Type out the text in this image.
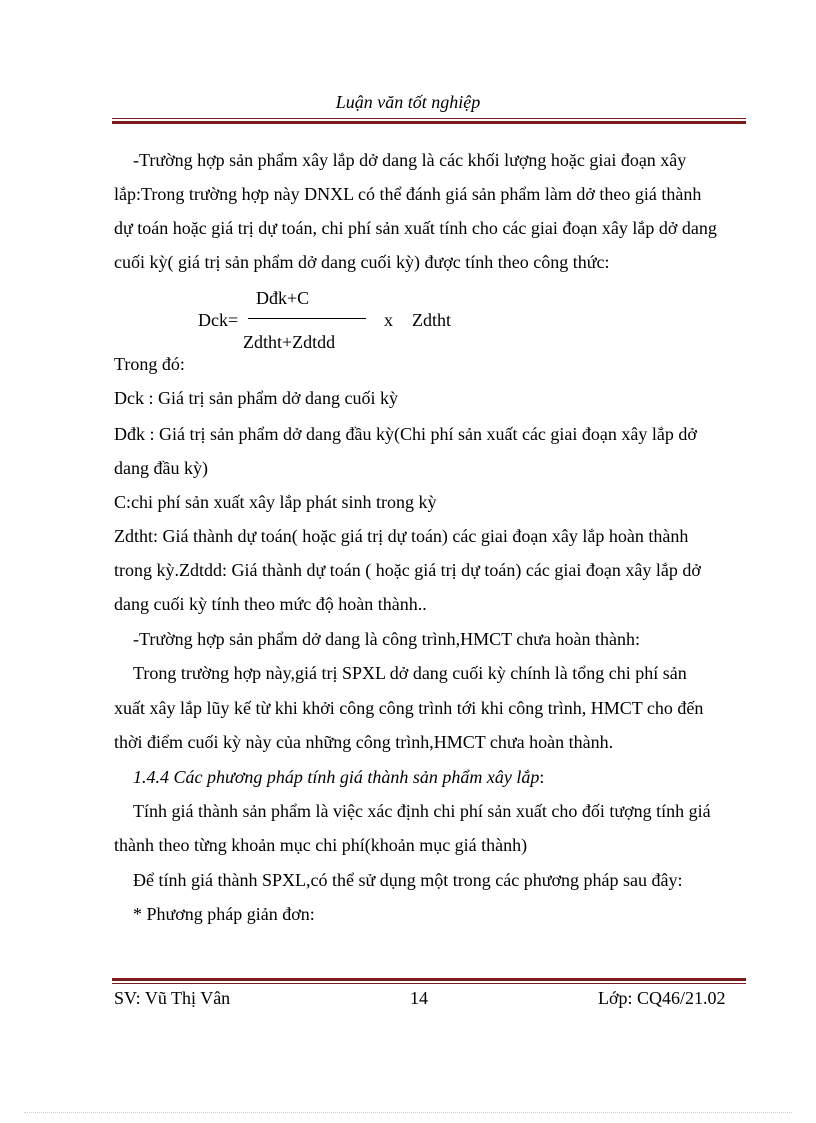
Luận văn tốt nghiệp
-Trường hợp sản phẩm xây lắp dở dang là các khối lượng hoặc giai đoạn xây
lắp:Trong trường hợp này DNXL có thể đánh giá sản phẩm làm dở theo giá thành
dự toán hoặc giá trị dự toán, chi phí sản xuất tính cho các giai đoạn xây lắp dở dang
cuối kỳ( giá trị sản phẩm dở dang cuối kỳ) được tính theo công thức:
Dck=
Dđk+C
Zdtht+Zdtdd
x Zdtht
Trong đó:
Dck : Giá trị sản phẩm dở dang cuối kỳ
Dđk : Giá trị sản phẩm dở dang đầu kỳ(Chi phí sản xuất các giai đoạn xây lắp dở
dang đầu kỳ)
C:chi phí sản xuất xây lắp phát sinh trong kỳ
Zdtht: Giá thành dự toán( hoặc giá trị dự toán) các giai đoạn xây lắp hoàn thành
trong kỳ.Zdtdd: Giá thành dự toán ( hoặc giá trị dự toán) các giai đoạn xây lắp dở
dang cuối kỳ tính theo mức độ hoàn thành..
-Trường hợp sản phẩm dở dang là công trình,HMCT chưa hoàn thành:
Trong trường hợp này,giá trị SPXL dở dang cuối kỳ chính là tổng chi phí sản
xuất xây lắp lũy kế từ khi khởi công công trình tới khi công trình, HMCT cho đến
thời điểm cuối kỳ này của những công trình,HMCT chưa hoàn thành.
1.4.4 Các phương pháp tính giá thành sản phẩm xây lắp:
Tính giá thành sản phẩm là việc xác định chi phí sản xuất cho đối tượng tính giá
thành theo từng khoản mục chi phí(khoản mục giá thành)
Để tính giá thành SPXL,có thể sử dụng một trong các phương pháp sau đây:
* Phương pháp giản đơn:
SV: Vũ Thị Vân	14	Lớp: CQ46/21.02
